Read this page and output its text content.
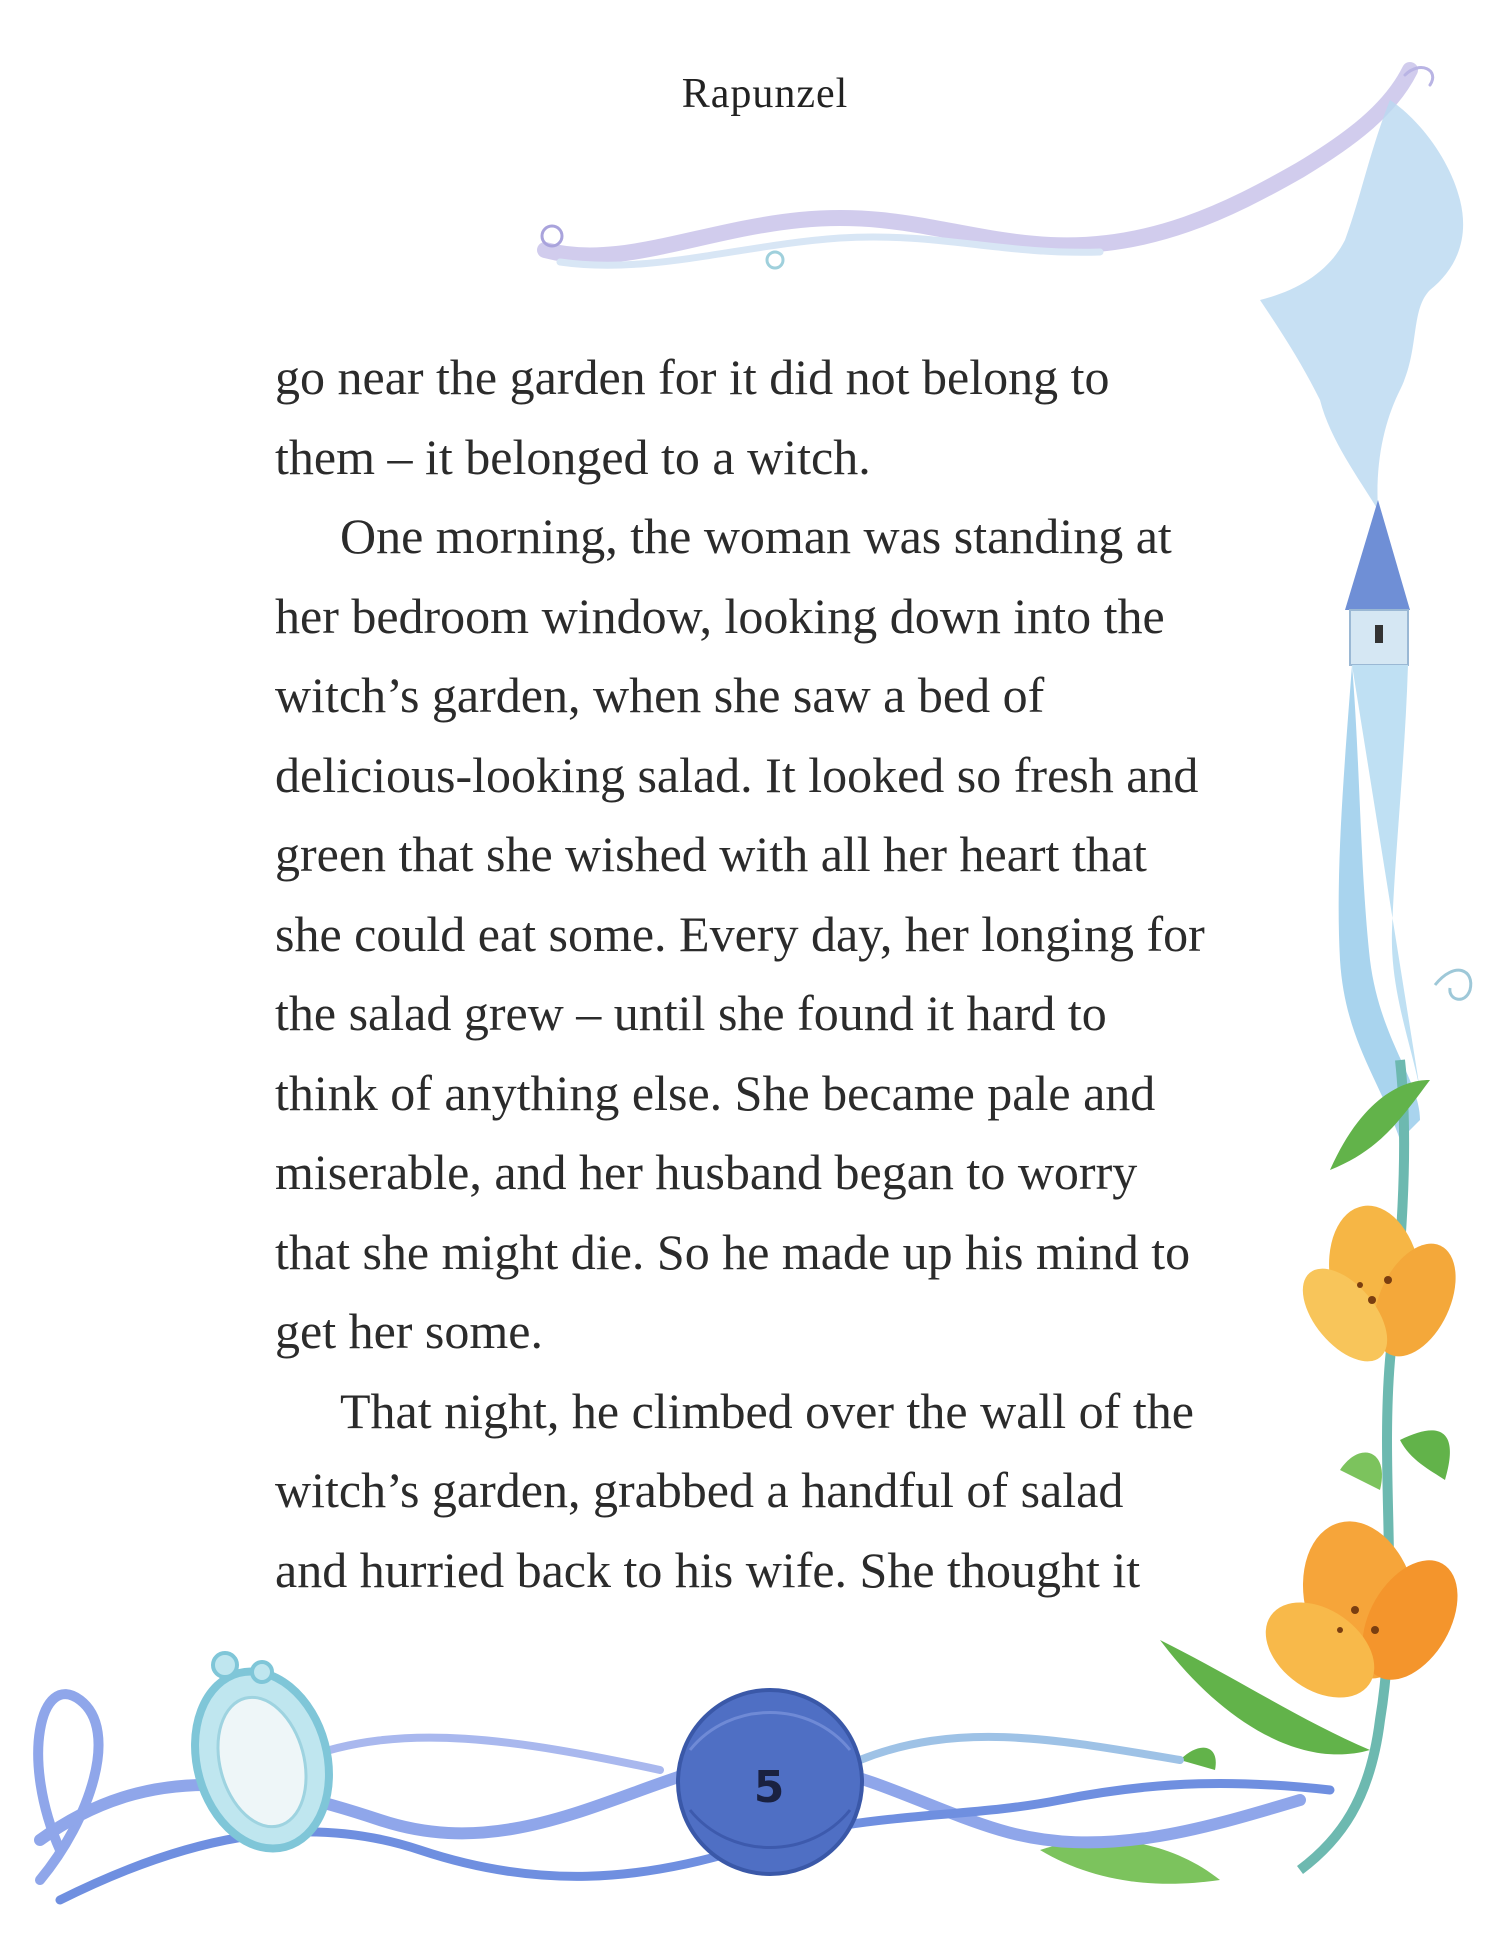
Rapunzel
go near the garden for it did not belong to
them – it belonged to a witch.
One morning, the woman was standing at
her bedroom window, looking down into the
witch’s garden, when she saw a bed of
delicious-looking salad. It looked so fresh and
green that she wished with all her heart that
she could eat some. Every day, her longing for
the salad grew – until she found it hard to
think of anything else. She became pale and
miserable, and her husband began to worry
that she might die. So he made up his mind to
get her some.
That night, he climbed over the wall of the
witch’s garden, grabbed a handful of salad
and hurried back to his wife. She thought it
5
